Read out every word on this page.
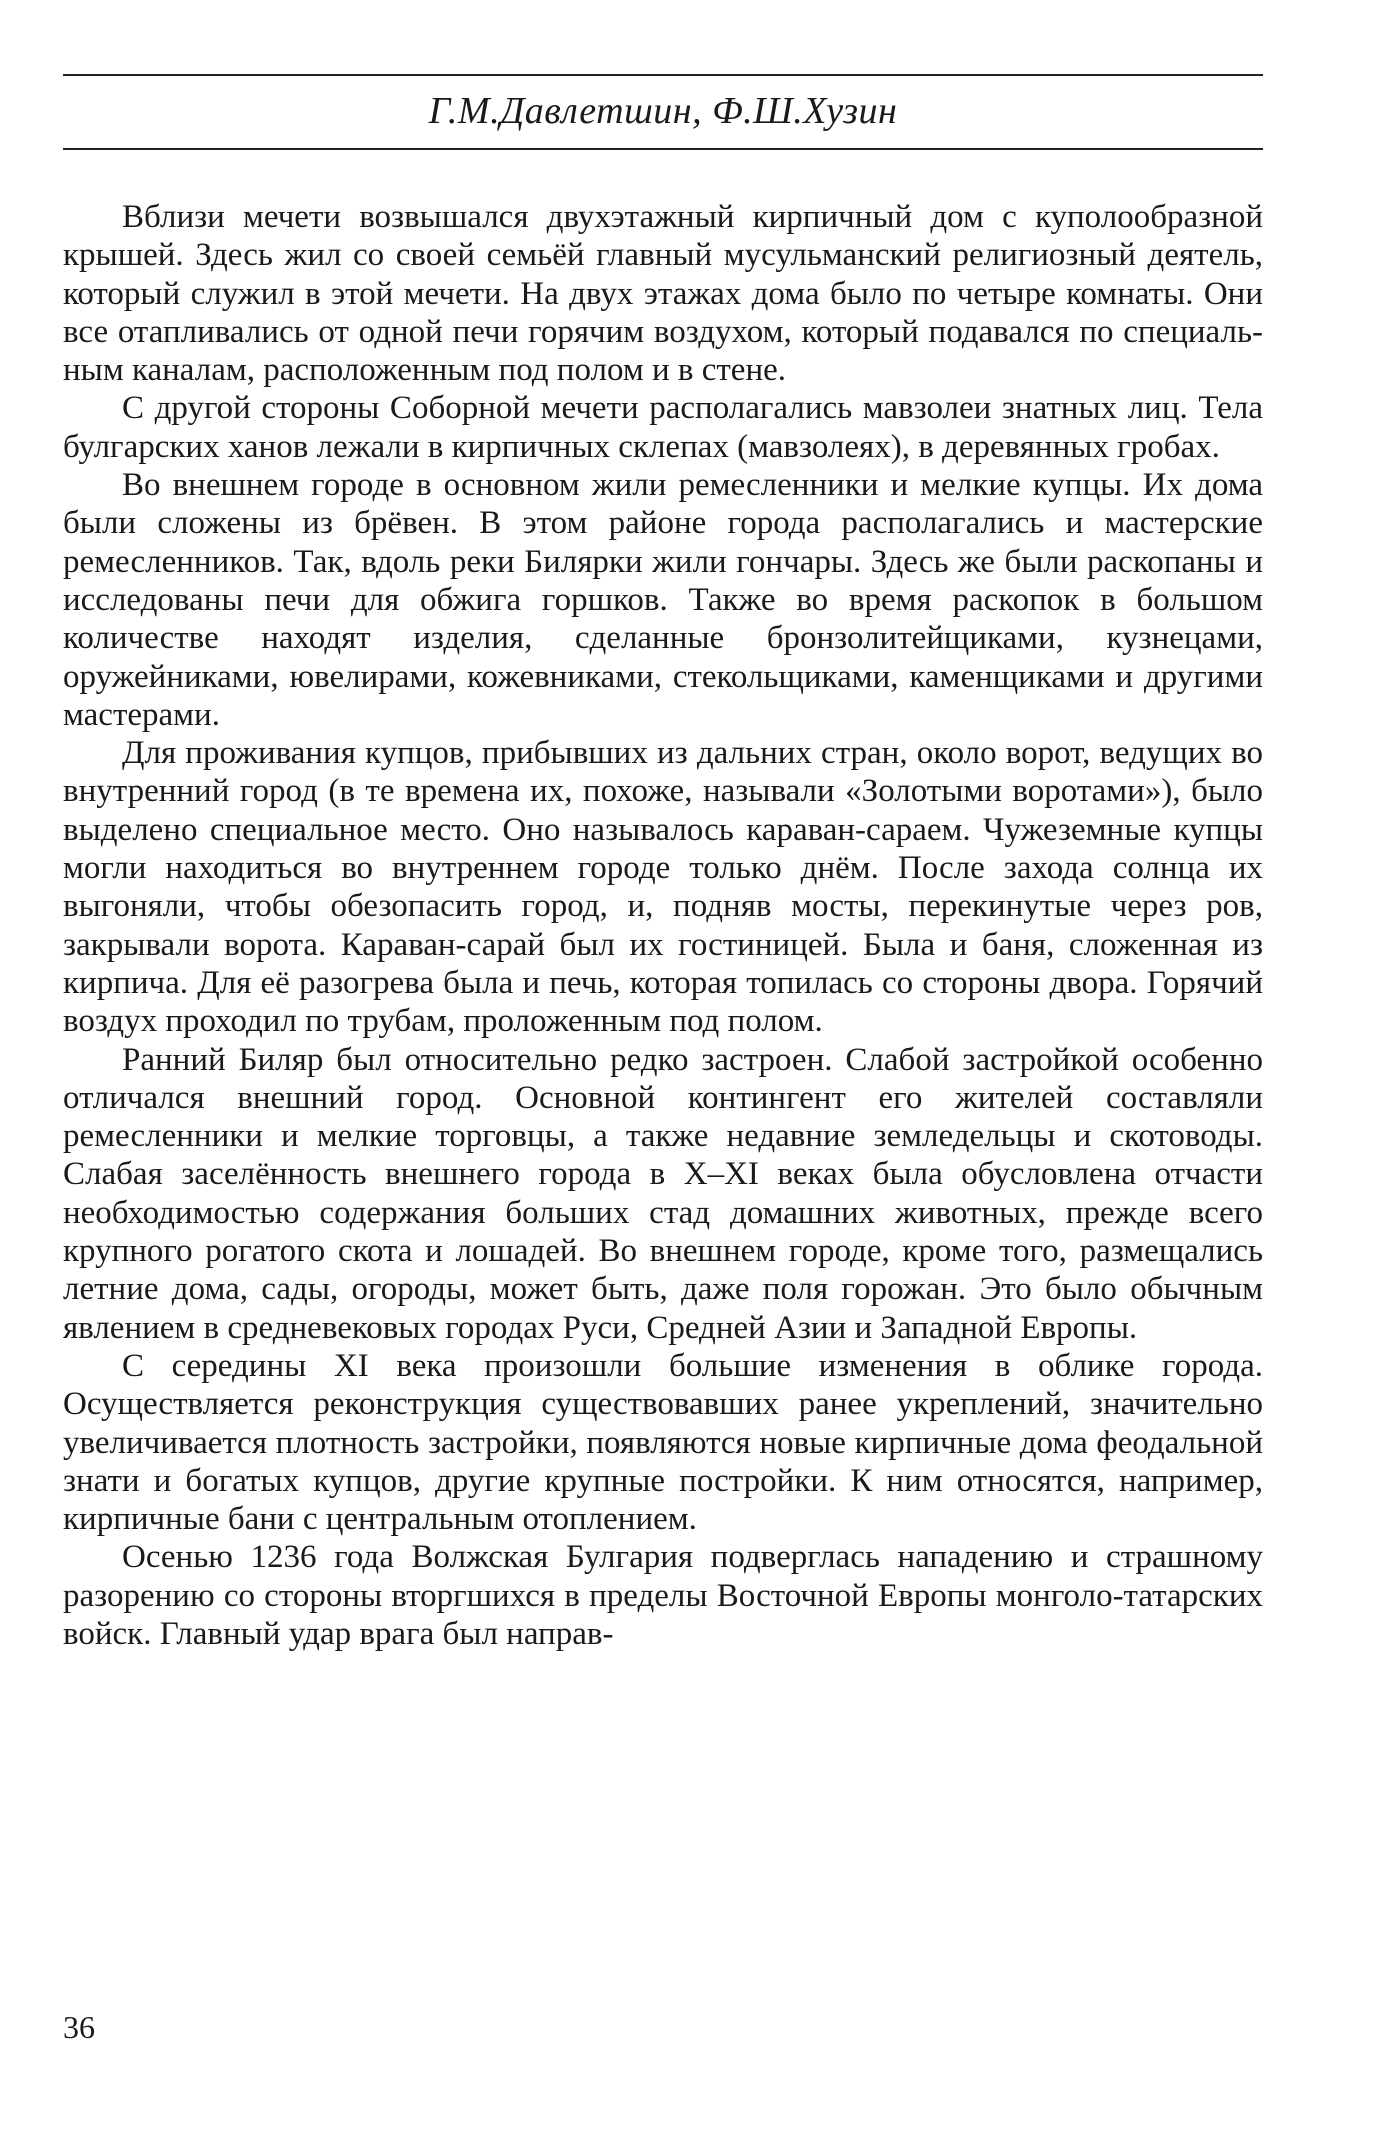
Г.М.Давлетшин, Ф.Ш.Хузин

Вблизи мечети возвышался двухэтажный кирпичный дом с куполообразной крышей. Здесь жил со своей семьёй главный мусульманский религиозный деятель, который служил в этой мечети. На двух этажах дома было по четыре комнаты. Они все отапливались от одной печи горячим воздухом, который подавался по специальным каналам, расположенным под полом и в стене.

С другой стороны Соборной мечети располагались мавзолеи знатных лиц. Тела булгарских ханов лежали в кирпичных склепах (мавзолеях), в деревянных гробах.

Во внешнем городе в основном жили ремесленники и мелкие купцы. Их дома были сложены из брёвен. В этом районе города располагались и мастерские ремесленников. Так, вдоль реки Билярки жили гончары. Здесь же были раскопаны и исследованы печи для обжига горшков. Также во время раскопок в большом количестве находят изделия, сделанные бронзолитейщиками, кузнецами, оружейниками, ювелирами, кожевниками, стекольщиками, каменщиками и другими мастерами.

Для проживания купцов, прибывших из дальних стран, около ворот, ведущих во внутренний город (в те времена их, похоже, называли «Золотыми воротами»), было выделено специальное место. Оно называлось караван-сараем. Чужеземные купцы могли находиться во внутреннем городе только днём. После захода солнца их выгоняли, чтобы обезопасить город, и, подняв мосты, перекинутые через ров, закрывали ворота. Караван-сарай был их гостиницей. Была и баня, сложенная из кирпича. Для её разогрева была и печь, которая топилась со стороны двора. Горячий воздух проходил по трубам, проложенным под полом.

Ранний Биляр был относительно редко застроен. Слабой застройкой особенно отличался внешний город. Основной контингент его жителей составляли ремесленники и мелкие торговцы, а также недавние земледельцы и скотоводы. Слабая заселённость внешнего города в X–XI веках была обусловлена отчасти необходимостью содержания больших стад домашних животных, прежде всего крупного рогатого скота и лошадей. Во внешнем городе, кроме того, размещались летние дома, сады, огороды, может быть, даже поля горожан. Это было обычным явлением в средневековых городах Руси, Средней Азии и Западной Европы.

С середины XI века произошли большие изменения в облике города. Осуществляется реконструкция существовавших ранее укреплений, значительно увеличивается плотность застройки, появляются новые кирпичные дома феодальной знати и богатых купцов, другие крупные постройки. К ним относятся, например, кирпичные бани с центральным отоплением.

Осенью 1236 года Волжская Булгария подверглась нападению и страшному разорению со стороны вторгшихся в пределы Восточной Европы монголо-татарских войск. Главный удар врага был направ-

36
